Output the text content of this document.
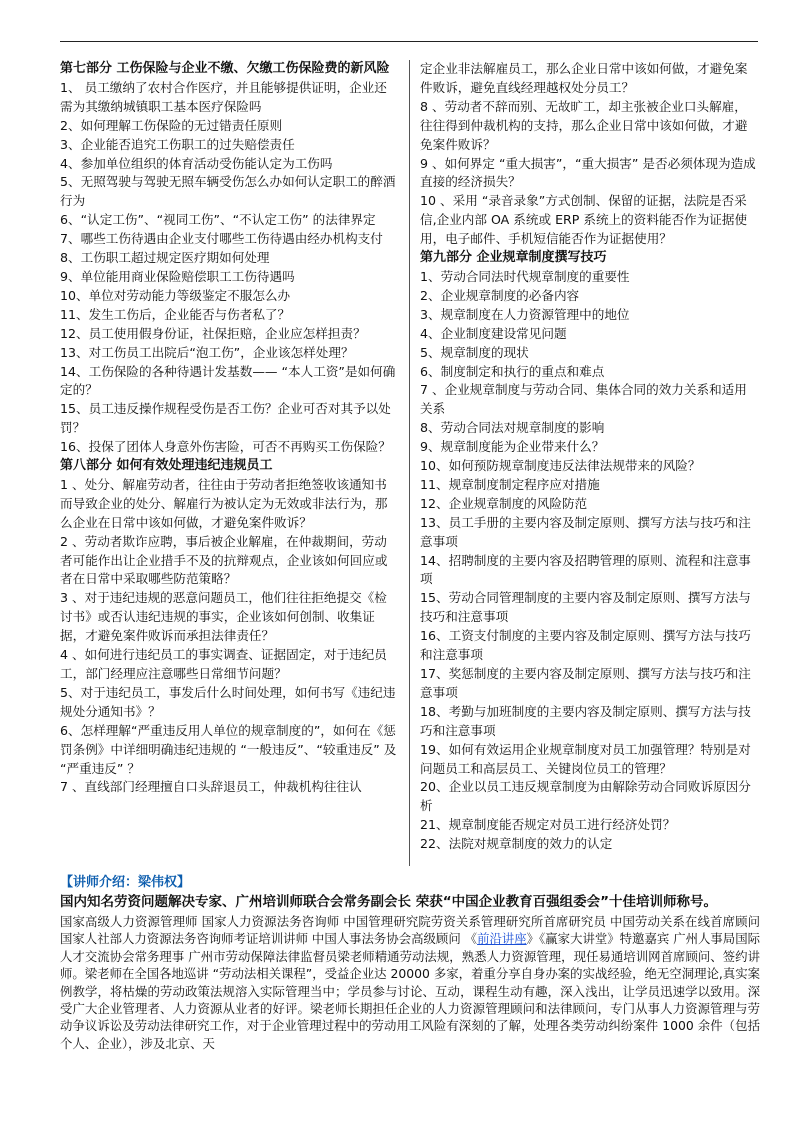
第七部分 工伤保险与企业不缴、欠缴工伤保险费的新风险

1、 员工缴纳了农村合作医疗，并且能够提供证明，企业还需为其缴纳城镇职工基本医疗保险吗

2、如何理解工伤保险的无过错责任原则

3、企业能否追究工伤职工的过失赔偿责任

4、参加单位组织的体育活动受伤能认定为工伤吗

5、无照驾驶与驾驶无照车辆受伤怎么办如何认定职工的醉酒行为

6、“认定工伤”、“视同工伤”、“不认定工伤” 的法律界定

7、哪些工伤待遇由企业支付哪些工伤待遇由经办机构支付

8、工伤职工超过规定医疗期如何处理

9、单位能用商业保险赔偿职工工伤待遇吗

10、单位对劳动能力等级鉴定不服怎么办

11、发生工伤后，企业能否与伤者私了？

12、员工使用假身份证，社保拒赔，企业应怎样担责？

13、对工伤员工出院后“泡工伤”，企业该怎样处理？

14、工伤保险的各种待遇计发基数—— “本人工资”是如何确定的？

15、员工违反操作规程受伤是否工伤？企业可否对其予以处罚？

16、投保了团体人身意外伤害险，可否不再购买工伤保险？

第八部分 如何有效处理违纪违规员工

1 、处分、解雇劳动者，往往由于劳动者拒绝签收该通知书而导致企业的处分、解雇行为被认定为无效或非法行为，那么企业在日常中该如何做，才避免案件败诉？

2 、劳动者欺诈应聘，事后被企业解雇，在仲裁期间，劳动者可能作出让企业措手不及的抗辩观点，企业该如何回应或者在日常中采取哪些防范策略？

3 、对于违纪违规的恶意问题员工，他们往往拒绝提交《检讨书》或否认违纪违规的事实，企业该如何创制、收集证据，才避免案件败诉而承担法律责任？

4 、如何进行违纪员工的事实调查、证据固定，对于违纪员工，部门经理应注意哪些日常细节问题？

5、对于违纪员工，事发后什么时间处理，如何书写《违纪违规处分通知书》？

6、怎样理解“严重违反用人单位的规章制度的”，如何在《惩罚条例》中详细明确违纪违规的 “一般违反”、“较重违反” 及 “严重违反” ？

7 、直线部门经理擅自口头辞退员工，仲裁机构往往认

定企业非法解雇员工，那么企业日常中该如何做，才避免案件败诉，避免直线经理越权处分员工？

8 、劳动者不辞而别、无故旷工，却主张被企业口头解雇，往往得到仲裁机构的支持，那么企业日常中该如何做，才避免案件败诉？

9 、如何界定 “重大损害”，“重大损害” 是否必须体现为造成直接的经济损失？

10 、采用 “录音录象”方式创制、保留的证据，法院是否采信,企业内部 OA 系统或 ERP 系统上的资料能否作为证据使用，电子邮件、手机短信能否作为证据使用？

第九部分 企业规章制度撰写技巧

1、劳动合同法时代规章制度的重要性

2、企业规章制度的必备内容

3、规章制度在人力资源管理中的地位

4、企业制度建设常见问题

5、规章制度的现状

6、制度制定和执行的重点和难点

7 、企业规章制度与劳动合同、集体合同的效力关系和适用关系

8、劳动合同法对规章制度的影响

9、规章制度能为企业带来什么？

10、如何预防规章制度违反法律法规带来的风险？

11、规章制度制定程序应对措施

12、企业规章制度的风险防范

13、员工手册的主要内容及制定原则、撰写方法与技巧和注意事项

14、招聘制度的主要内容及招聘管理的原则、流程和注意事项

15、劳动合同管理制度的主要内容及制定原则、撰写方法与技巧和注意事项

16、工资支付制度的主要内容及制定原则、撰写方法与技巧和注意事项

17、奖惩制度的主要内容及制定原则、撰写方法与技巧和注意事项

18、考勤与加班制度的主要内容及制定原则、撰写方法与技巧和注意事项

19、如何有效运用企业规章制度对员工加强管理？特别是对问题员工和高层员工、关键岗位员工的管理？

20、企业以员工违反规章制度为由解除劳动合同败诉原因分析

21、规章制度能否规定对员工进行经济处罚？

22、法院对规章制度的效力的认定

【讲师介绍：梁伟权】
国内知名劳资问题解决专家、广州培训师联合会常务副会长 荣获“中国企业教育百强组委会”十佳培训师称号。
国家高级人力资源管理师 国家人力资源法务咨询师 中国管理研究院劳资关系管理研究所首席研究员 中国劳动关系在线首席顾问 国家人社部人力资源法务咨询师考证培训讲师 中国人事法务协会高级顾问 《前沿讲座》《赢家大讲堂》特邀嘉宾 广州人事局国际人才交流协会常务理事 广州市劳动保障法律监督员梁老师精通劳动法规，熟悉人力资源管理，现任易通培训网首席顾问、签约讲师。梁老师在全国各地巡讲 “劳动法相关课程”，受益企业达 20000 多家，着重分享自身办案的实战经验，绝无空洞理论,真实案例教学，将枯燥的劳动政策法规溶入实际管理当中；学员参与讨论、互动，课程生动有趣，深入浅出，让学员迅速学以致用。深受广大企业管理者、人力资源从业者的好评。梁老师长期担任企业的人力资源管理顾问和法律顾问，专门从事人力资源管理与劳动争议诉讼及劳动法律研究工作，对于企业管理过程中的劳动用工风险有深刻的了解，处理各类劳动纠纷案件 1000 余件（包括个人、企业），涉及北京、天
